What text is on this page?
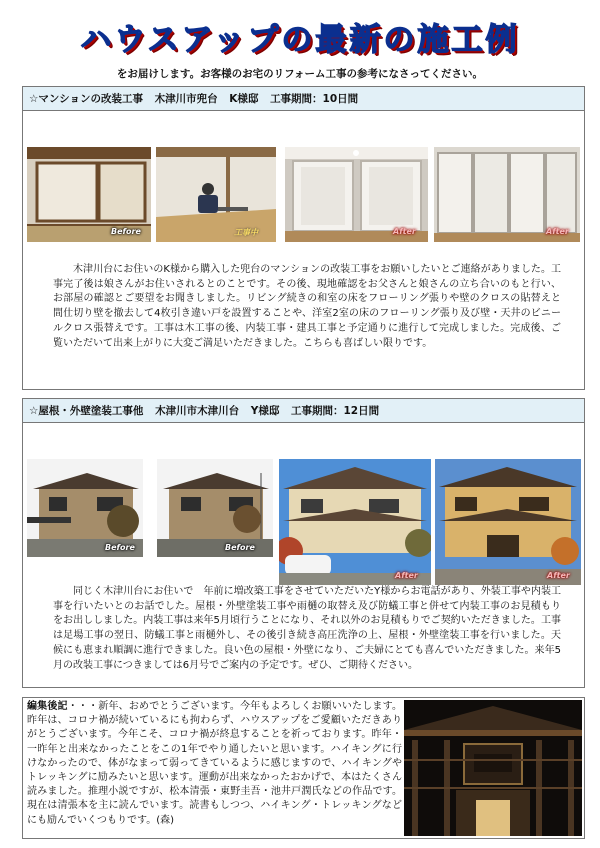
ハウスアップの最新の施工例
をお届けします。お客様のお宅のリフォーム工事の参考になさってください。
☆マンションの改装工事 木津川市兜台 K様邸 工事期間：10日間
Before	工事中	After	After
木津川台にお住いのK様から購入した兜台のマンションの改装工事をお願いしたいとご連絡がありました。工事完了後は娘さんがお住いされるとのことです。その後、現地確認をお父さんと娘さんの立ち合いのもと行い、お部屋の確認とご要望をお聞きしました。リビング続きの和室の床をフローリング張りや壁のクロスの貼替えと間仕切り壁を撤去して4枚引き違い戸を設置することや、洋室2室の床のフローリング張り及び壁・天井のビニールクロス張替えです。工事は木工事の後、内装工事・建具工事と予定通りに進行して完成しました。完成後、ご覧いただいて出来上がりに大変ご満足いただきました。こちらも喜ばしい限りです。
☆屋根・外壁塗装工事他 木津川市木津川台 Y様邸 工事期間：12日間
Before	Before
After	After
同じく木津川台にお住いで　年前に増改築工事をさせていただいたY様からお電話があり、外装工事や内装工事を行いたいとのお話でした。屋根・外壁塗装工事や雨樋の取替え及び防蟻工事と併せて内装工事のお見積もりをお出ししました。内装工事は来年5月頃行うことになり、それ以外のお見積もりでご契約いただきました。工事は足場工事の翌日、防蟻工事と雨樋外し、その後引き続き高圧洗浄の上、屋根・外壁塗装工事を行いました。天候にも恵まれ順調に進行できました。良い色の屋根・外壁になり、ご夫婦にとても喜んでいただきました。来年5月の改装工事につきましては6月号でご案内の予定です。ぜひ、ご期待ください。
編集後記・・・新年、おめでとうございます。今年もよろしくお願いいたします。昨年は、コロナ禍が続いているにも拘わらず、ハウスアップをご愛顧いただきありがとうございます。今年こそ、コロナ禍が終息することを祈っております。昨年・一昨年と出来なかったことをこの1年でやり通したいと思います。ハイキングに行けなかったので、体がなまって弱ってきているように感じますので、ハイキングやトレッキングに励みたいと思います。運動が出来なかったおかげで、本はたくさん読みました。推理小説ですが、松本清張・東野圭吾・池井戸潤氏などの作品です。現在は清張本を主に読んでいます。読書もしつつ、ハイキング・トレッキングなどにも励んでいくつもりです。(森)
